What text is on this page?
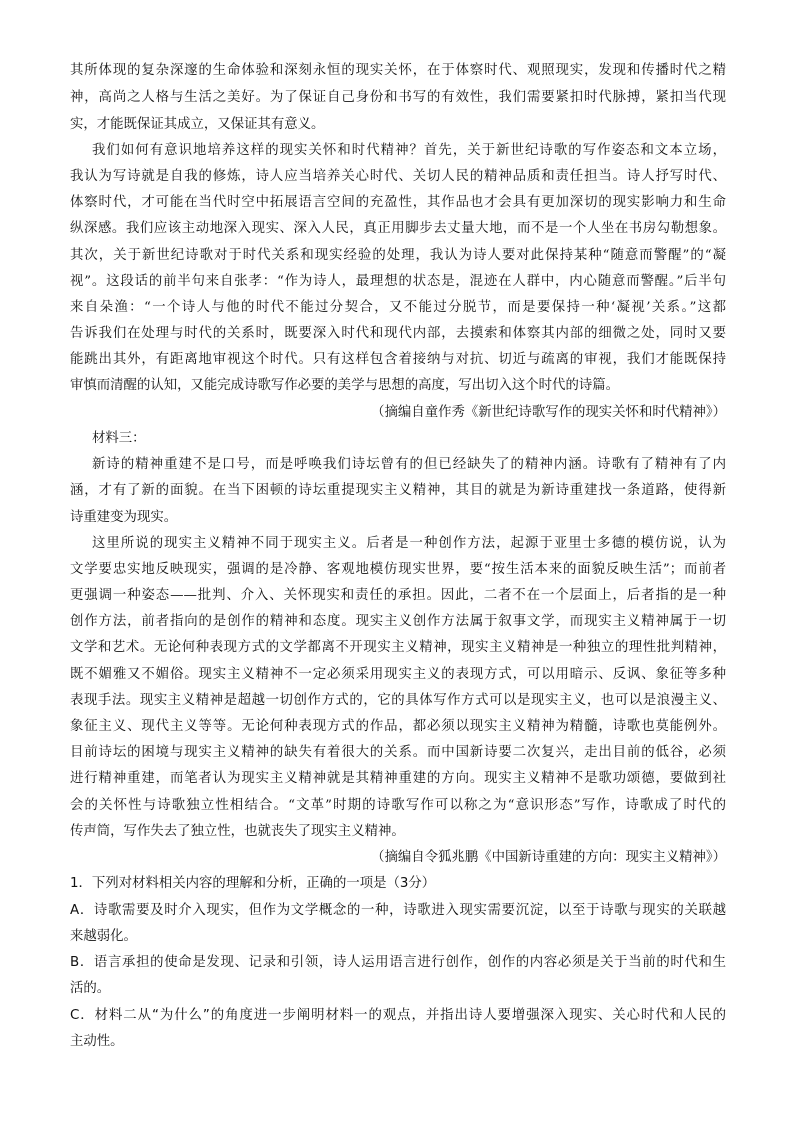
其所体现的复杂深邃的生命体验和深刻永恒的现实关怀，在于体察时代、观照现实，发现和传播时代之精
神，高尚之人格与生活之美好。为了保证自己身份和书写的有效性，我们需要紧扣时代脉搏，紧扣当代现
实，才能既保证其成立，又保证其有意义。
我们如何有意识地培养这样的现实关怀和时代精神？首先，关于新世纪诗歌的写作姿态和文本立场，
我认为写诗就是自我的修炼，诗人应当培养关心时代、关切人民的精神品质和责任担当。诗人抒写时代、
体察时代，才可能在当代时空中拓展语言空间的充盈性，其作品也才会具有更加深切的现实影响力和生命
纵深感。我们应该主动地深入现实、深入人民，真正用脚步去丈量大地，而不是一个人坐在书房勾勒想象。
其次，关于新世纪诗歌对于时代关系和现实经验的处理，我认为诗人要对此保持某种“随意而警醒”的“凝
视”。这段话的前半句来自张孝：“作为诗人，最理想的状态是，混迹在人群中，内心随意而警醒。”后半句
来自朵渔：“一个诗人与他的时代不能过分契合，又不能过分脱节，而是要保持一种‘凝视’关系。”这都
告诉我们在处理与时代的关系时，既要深入时代和现代内部，去摸索和体察其内部的细微之处，同时又要
能跳出其外，有距离地审视这个时代。只有这样包含着接纳与对抗、切近与疏离的审视，我们才能既保持
审慎而清醒的认知，又能完成诗歌写作必要的美学与思想的高度，写出切入这个时代的诗篇。
（摘编自童作秀《新世纪诗歌写作的现实关怀和时代精神》）
材料三：
新诗的精神重建不是口号，而是呼唤我们诗坛曾有的但已经缺失了的精神内涵。诗歌有了精神有了内
涵，才有了新的面貌。在当下困顿的诗坛重提现实主义精神，其目的就是为新诗重建找一条道路，使得新
诗重建变为现实。
这里所说的现实主义精神不同于现实主义。后者是一种创作方法，起源于亚里士多德的模仿说，认为
文学要忠实地反映现实，强调的是冷静、客观地模仿现实世界，要“按生活本来的面貌反映生活”；而前者
更强调一种姿态——批判、介入、关怀现实和责任的承担。因此，二者不在一个层面上，后者指的是一种
创作方法，前者指向的是创作的精神和态度。现实主义创作方法属于叙事文学，而现实主义精神属于一切
文学和艺术。无论何种表现方式的文学都离不开现实主义精神，现实主义精神是一种独立的理性批判精神，
既不媚雅又不媚俗。现实主义精神不一定必须采用现实主义的表现方式，可以用暗示、反讽、象征等多种
表现手法。现实主义精神是超越一切创作方式的，它的具体写作方式可以是现实主义，也可以是浪漫主义、
象征主义、现代主义等等。无论何种表现方式的作品，都必须以现实主义精神为精髓，诗歌也莫能例外。
目前诗坛的困境与现实主义精神的缺失有着很大的关系。而中国新诗要二次复兴，走出目前的低谷，必须
进行精神重建，而笔者认为现实主义精神就是其精神重建的方向。现实主义精神不是歌功颂德，要做到社
会的关怀性与诗歌独立性相结合。“文革”时期的诗歌写作可以称之为“意识形态”写作，诗歌成了时代的
传声筒，写作失去了独立性，也就丧失了现实主义精神。
（摘编自令狐兆鹏《中国新诗重建的方向：现实主义精神》）
1．下列对材料相关内容的理解和分析，正确的一项是（3分）
A．诗歌需要及时介入现实，但作为文学概念的一种，诗歌进入现实需要沉淀，以至于诗歌与现实的关联越
来越弱化。
B．语言承担的使命是发现、记录和引领，诗人运用语言进行创作，创作的内容必须是关于当前的时代和生
活的。
C．材料二从“为什么”的角度进一步阐明材料一的观点，并指出诗人要增强深入现实、关心时代和人民的
主动性。
